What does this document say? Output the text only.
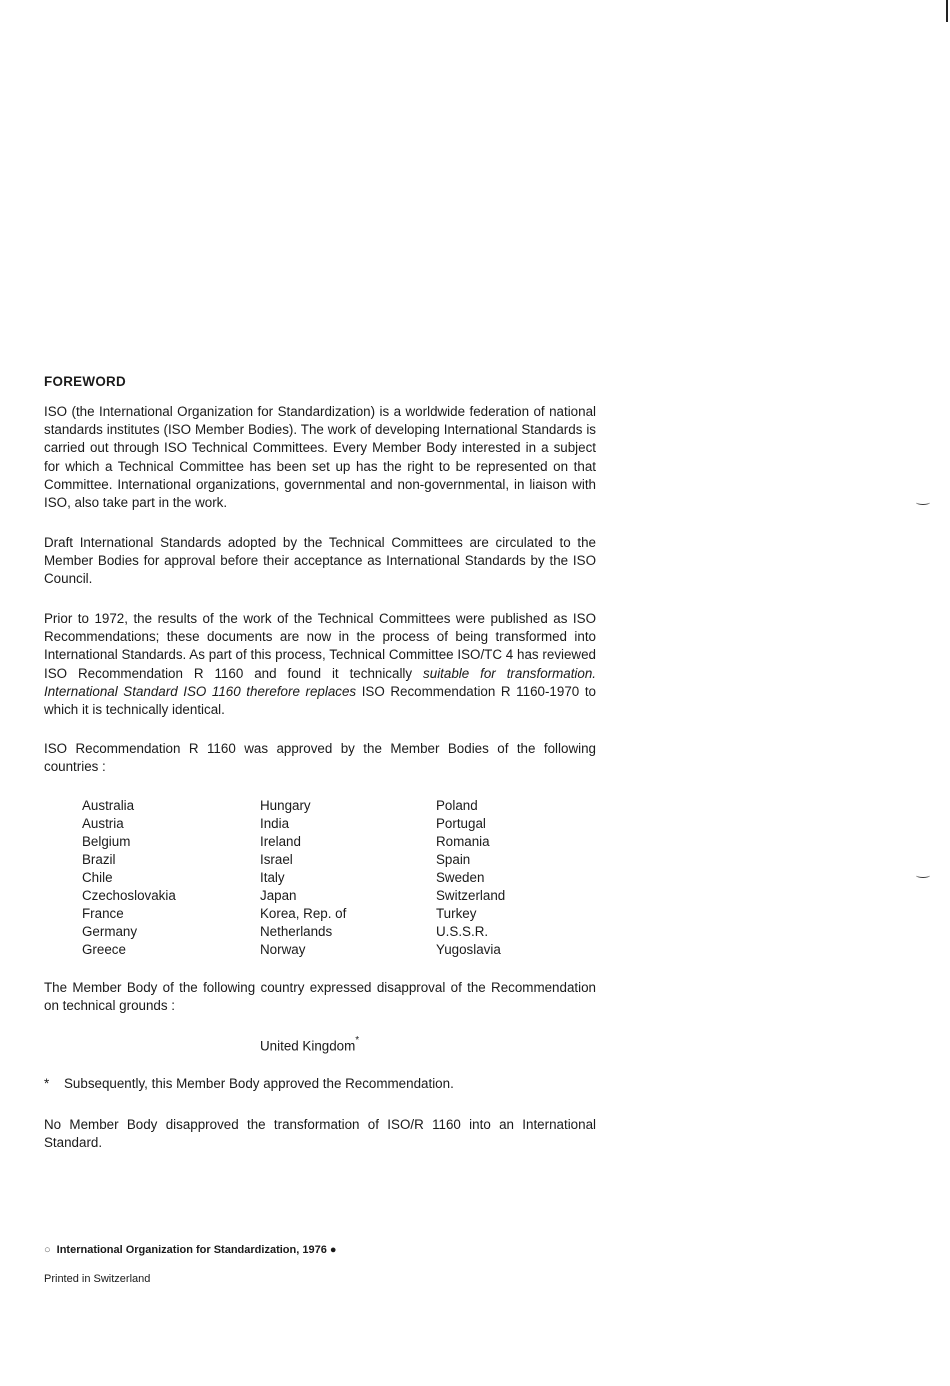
FOREWORD
ISO (the International Organization for Standardization) is a worldwide federation of national standards institutes (ISO Member Bodies). The work of developing International Standards is carried out through ISO Technical Committees. Every Member Body interested in a subject for which a Technical Committee has been set up has the right to be represented on that Committee. International organizations, governmental and non-governmental, in liaison with ISO, also take part in the work.
Draft International Standards adopted by the Technical Committees are circulated to the Member Bodies for approval before their acceptance as International Standards by the ISO Council.
Prior to 1972, the results of the work of the Technical Committees were published as ISO Recommendations; these documents are now in the process of being transformed into International Standards. As part of this process, Technical Committee ISO/TC 4 has reviewed ISO Recommendation R 1160 and found it technically suitable for transformation. International Standard ISO 1160 therefore replaces ISO Recommendation R 1160-1970 to which it is technically identical.
ISO Recommendation R 1160 was approved by the Member Bodies of the following countries :
Australia
Austria
Belgium
Brazil
Chile
Czechoslovakia
France
Germany
Greece
Hungary
India
Ireland
Israel
Italy
Japan
Korea, Rep. of
Netherlands
Norway
Poland
Portugal
Romania
Spain
Sweden
Switzerland
Turkey
U.S.S.R.
Yugoslavia
The Member Body of the following country expressed disapproval of the Recommendation on technical grounds :
United Kingdom*
* Subsequently, this Member Body approved the Recommendation.
No Member Body disapproved the transformation of ISO/R 1160 into an International Standard.
○ International Organization for Standardization, 1976 ●
Printed in Switzerland
